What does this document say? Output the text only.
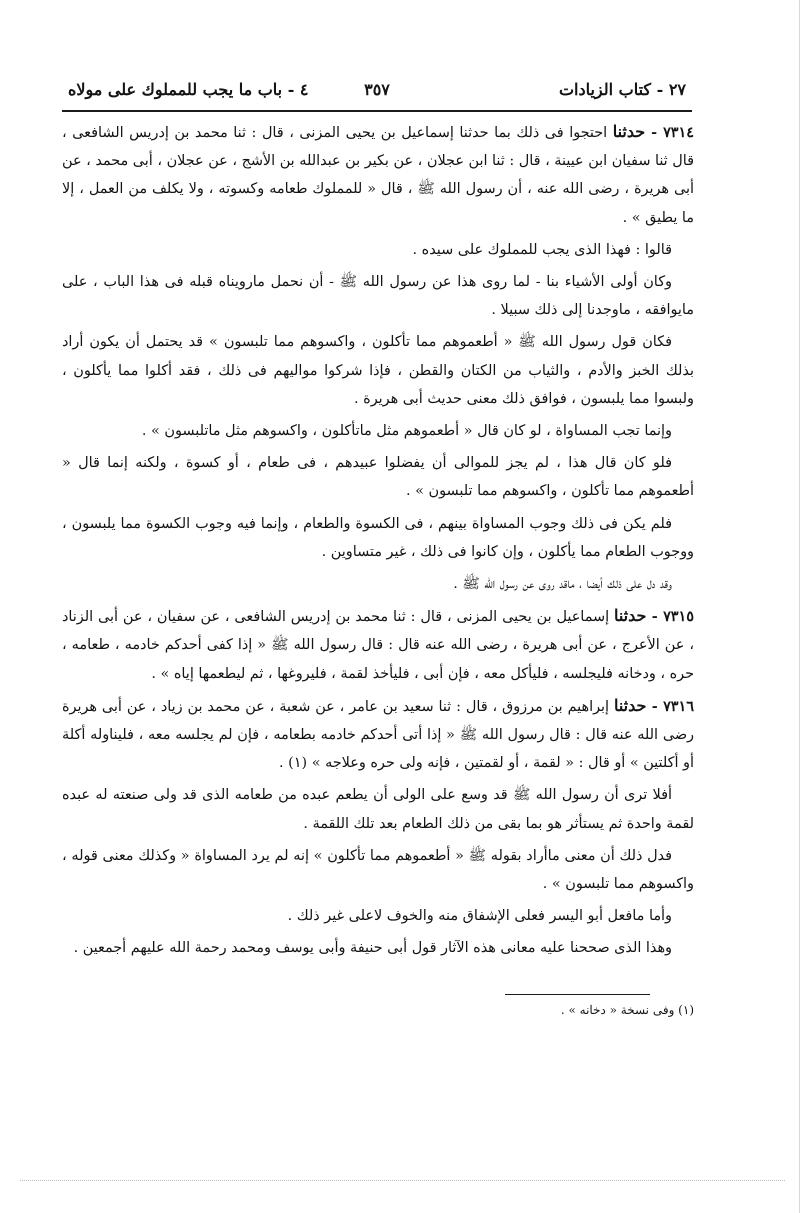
٢٧ - كتاب الزيادات
٣٥٧
٤ - باب ما يجب للمملوك على مولاه

٧٣١٤ - حدثنا احتجوا فى ذلك بما حدثنا إسماعيل بن يحيى المزنى ، قال : ثنا محمد بن إدريس الشافعى ، قال ثنا سفيان ابن عيينة ، قال : ثنا ابن عجلان ، عن بكير بن عبدالله بن الأشج ، عن عجلان ، أبى محمد ، عن أبى هريرة ، رضى الله عنه ، أن رسول الله ﷺ ، قال « للمملوك طعامه وكسوته ، ولا يكلف من العمل ، إلا ما يطيق » .

قالوا : فهذا الذى يجب للمملوك على سيده .

وكان أولى الأشياء بنا - لما روى هذا عن رسول الله ﷺ - أن نحمل مارويناه قبله فى هذا الباب ، على مايوافقه ، ماوجدنا إلى ذلك سبيلا .

فكان قول رسول الله ﷺ « أطعموهم مما تأكلون ، واكسوهم مما تلبسون » قد يحتمل أن يكون أراد بذلك الخبز والأدم ، والثياب من الكتان والقطن ، فإذا شركوا مواليهم فى ذلك ، فقد أكلوا مما يأكلون ، ولبسوا مما يلبسون ، فوافق ذلك معنى حديث أبى هريرة .

وإنما تجب المساواة ، لو كان قال « أطعموهم مثل ماتأكلون ، واكسوهم مثل ماتلبسون » .

فلو كان قال هذا ، لم يجز للموالى أن يفضلوا عبيدهم ، فى طعام ، أو كسوة ، ولكنه إنما قال « أطعموهم مما تأكلون ، واكسوهم مما تلبسون » .

فلم يكن فى ذلك وجوب المساواة بينهم ، فى الكسوة والطعام ، وإنما فيه وجوب الكسوة مما يلبسون ، ووجوب الطعام مما يأكلون ، وإن كانوا فى ذلك ، غير متساوين .

وقد دل على ذلك أيضا ، ماقد روى عن رسول الله ﷺ .

٧٣١٥ - حدثنا إسماعيل بن يحيى المزنى ، قال : ثنا محمد بن إدريس الشافعى ، عن سفيان ، عن أبى الزناد ، عن الأعرج ، عن أبى هريرة ، رضى الله عنه قال : قال رسول الله ﷺ « إذا كفى أحدكم خادمه ، طعامه ، حره ، ودخانه فليجلسه ، فليأكل معه ، فإن أبى ، فليأخذ لقمة ، فليروغها ، ثم ليطعمها إياه » .

٧٣١٦ - حدثنا إبراهيم بن مرزوق ، قال : ثنا سعيد بن عامر ، عن شعبة ، عن محمد بن زياد ، عن أبى هريرة رضى الله عنه قال : قال رسول الله ﷺ « إذا أتى أحدكم خادمه بطعامه ، فإن لم يجلسه معه ، فليناوله أكلة أو أكلتين » أو قال : « لقمة ، أو لقمتين ، فإنه ولى حره وعلاجه » (١) .

أفلا ترى أن رسول الله ﷺ قد وسع على الولى أن يطعم عبده من طعامه الذى قد ولى صنعته له عبده لقمة واحدة ثم يستأثر هو بما بقى من ذلك الطعام بعد تلك اللقمة .

فدل ذلك أن معنى ماأراد بقوله ﷺ « أطعموهم مما تأكلون » إنه لم يرد المساواة « وكذلك معنى قوله ، واكسوهم مما تلبسون » .

وأما مافعل أبو اليسر فعلى الإشفاق منه والخوف لاعلى غير ذلك .

وهذا الذى صححنا عليه معانى هذه الآثار قول أبى حنيفة وأبى يوسف ومحمد رحمة الله عليهم أجمعين .

(١) وفى نسخة « دخانه » .
